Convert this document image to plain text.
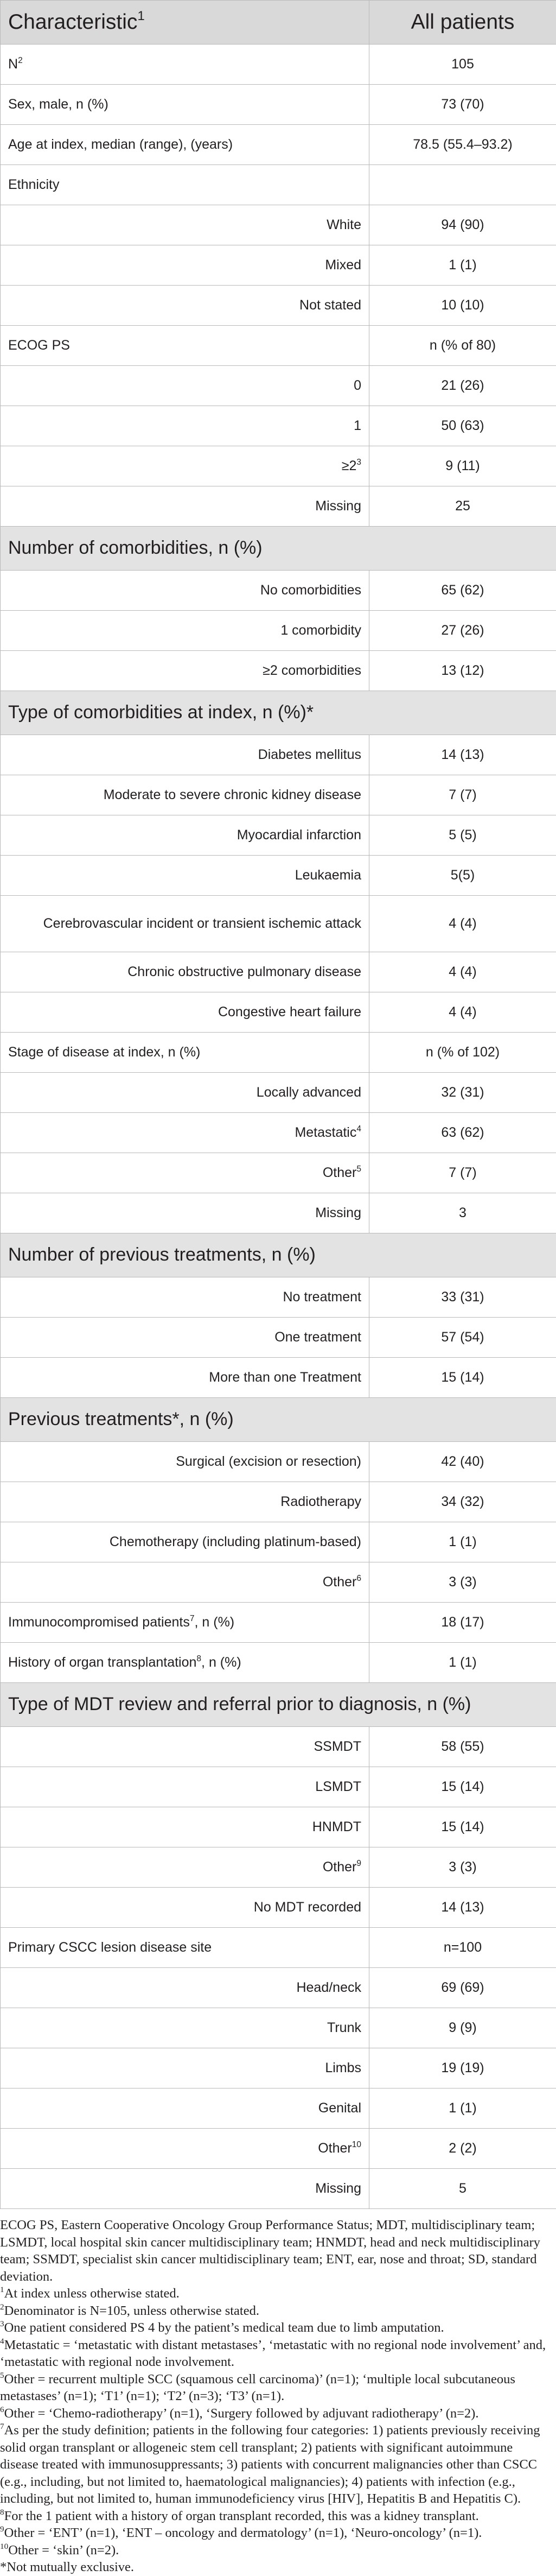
Characteristic$^1$	All patients
$N^2$	105
Sex, male, n (%)	73 (70)
Age at index, median (range), (years)	78.5 (55.4–93.2)
Ethnicity	
White	94 (90)
Mixed	1 (1)
Not stated	10 (10)
ECOG PS	n (% of 80)
0	21 (26)
1	50 (63)
$\ge 2^3$	9 (11)
Missing	25
Number of comorbidities, n (%)	
No comorbidities	65 (62)
1 comorbidity	27 (26)
≥2 comorbidities	13 (12)
Type of comorbidities at index, n (%)*	
Diabetes mellitus	14 (13)
Moderate to severe chronic kidney disease	7 (7)
Myocardial infarction	5 (5)
Leukaemia	5(5)
Cerebrovascular incident or transient ischemic attack	4 (4)
Chronic obstructive pulmonary disease	4 (4)
Congestive heart failure	4 (4)
Stage of disease at index, n (%)	n (% of 102)
Locally advanced	32 (31)
Metastatic$^4$	63 (62)
Other$^5$	7 (7)
Missing	3
Number of previous treatments, n (%)	
No treatment	33 (31)
One treatment	57 (54)
More than one Treatment	15 (14)
Previous treatments*, n (%)	
Surgical (excision or resection)	42 (40)
Radiotherapy	34 (32)
Chemotherapy (including platinum-based)	1 (1)
Other$^6$	3 (3)
Immunocompromised patients$^7$, n (%)	18 (17)
History of organ transplantation$^8$, n (%)	1 (1)
Type of MDT review and referral prior to diagnosis, n (%)	
SSMDT	58 (55)
LSMDT	15 (14)
HNMDT	15 (14)
Other$^9$	3 (3)
No MDT recorded	14 (13)
Primary CSCC lesion disease site	n=100
Head/neck	69 (69)
Trunk	9 (9)
Limbs	19 (19)
Genital	1 (1)
Other$^{10}$	2 (2)
Missing	5

ECOG PS, Eastern Cooperative Oncology Group Performance Status; MDT, multidisciplinary team; LSMDT, local hospital skin cancer multidisciplinary team; HNMDT, head and neck multidisciplinary team; SSMDT, specialist skin cancer multidisciplinary team; ENT, ear, nose and throat; SD, standard deviation.

$^1$At index unless otherwise stated.

$^2$Denominator is N=105, unless otherwise stated.

$^3$One patient considered PS 4 by the patient’s medical team due to limb amputation.

$^4$Metastatic = ‘metastatic with distant metastases’, ‘metastatic with no regional node involvement’ and, ‘metastatic with regional node involvement.

$^5$Other = recurrent multiple SCC (squamous cell carcinoma)’ (n=1); ‘multiple local subcutaneous metastases’ (n=1); ‘T1’ (n=1); ‘T2’ (n=3); ‘T3’ (n=1).

$^6$Other = ‘Chemo-radiotherapy’ (n=1), ‘Surgery followed by adjuvant radiotherapy’ (n=2).

$^7$As per the study definition; patients in the following four categories: 1) patients previously receiving solid organ transplant or allogeneic stem cell transplant; 2) patients with significant autoimmune disease treated with immunosuppressants; 3) patients with concurrent malignancies other than CSCC (e.g., including, but not limited to, haematological malignancies); 4) patients with infection (e.g., including, but not limited to, human immunodeficiency virus [HIV], Hepatitis B and Hepatitis C).

$^8$For the 1 patient with a history of organ transplant recorded, this was a kidney transplant.

$^9$Other = ‘ENT’ (n=1), ‘ENT – oncology and dermatology’ (n=1), ‘Neuro-oncology’ (n=1).

$^{10}$Other = ‘skin’ (n=2).

*Not mutually exclusive.
